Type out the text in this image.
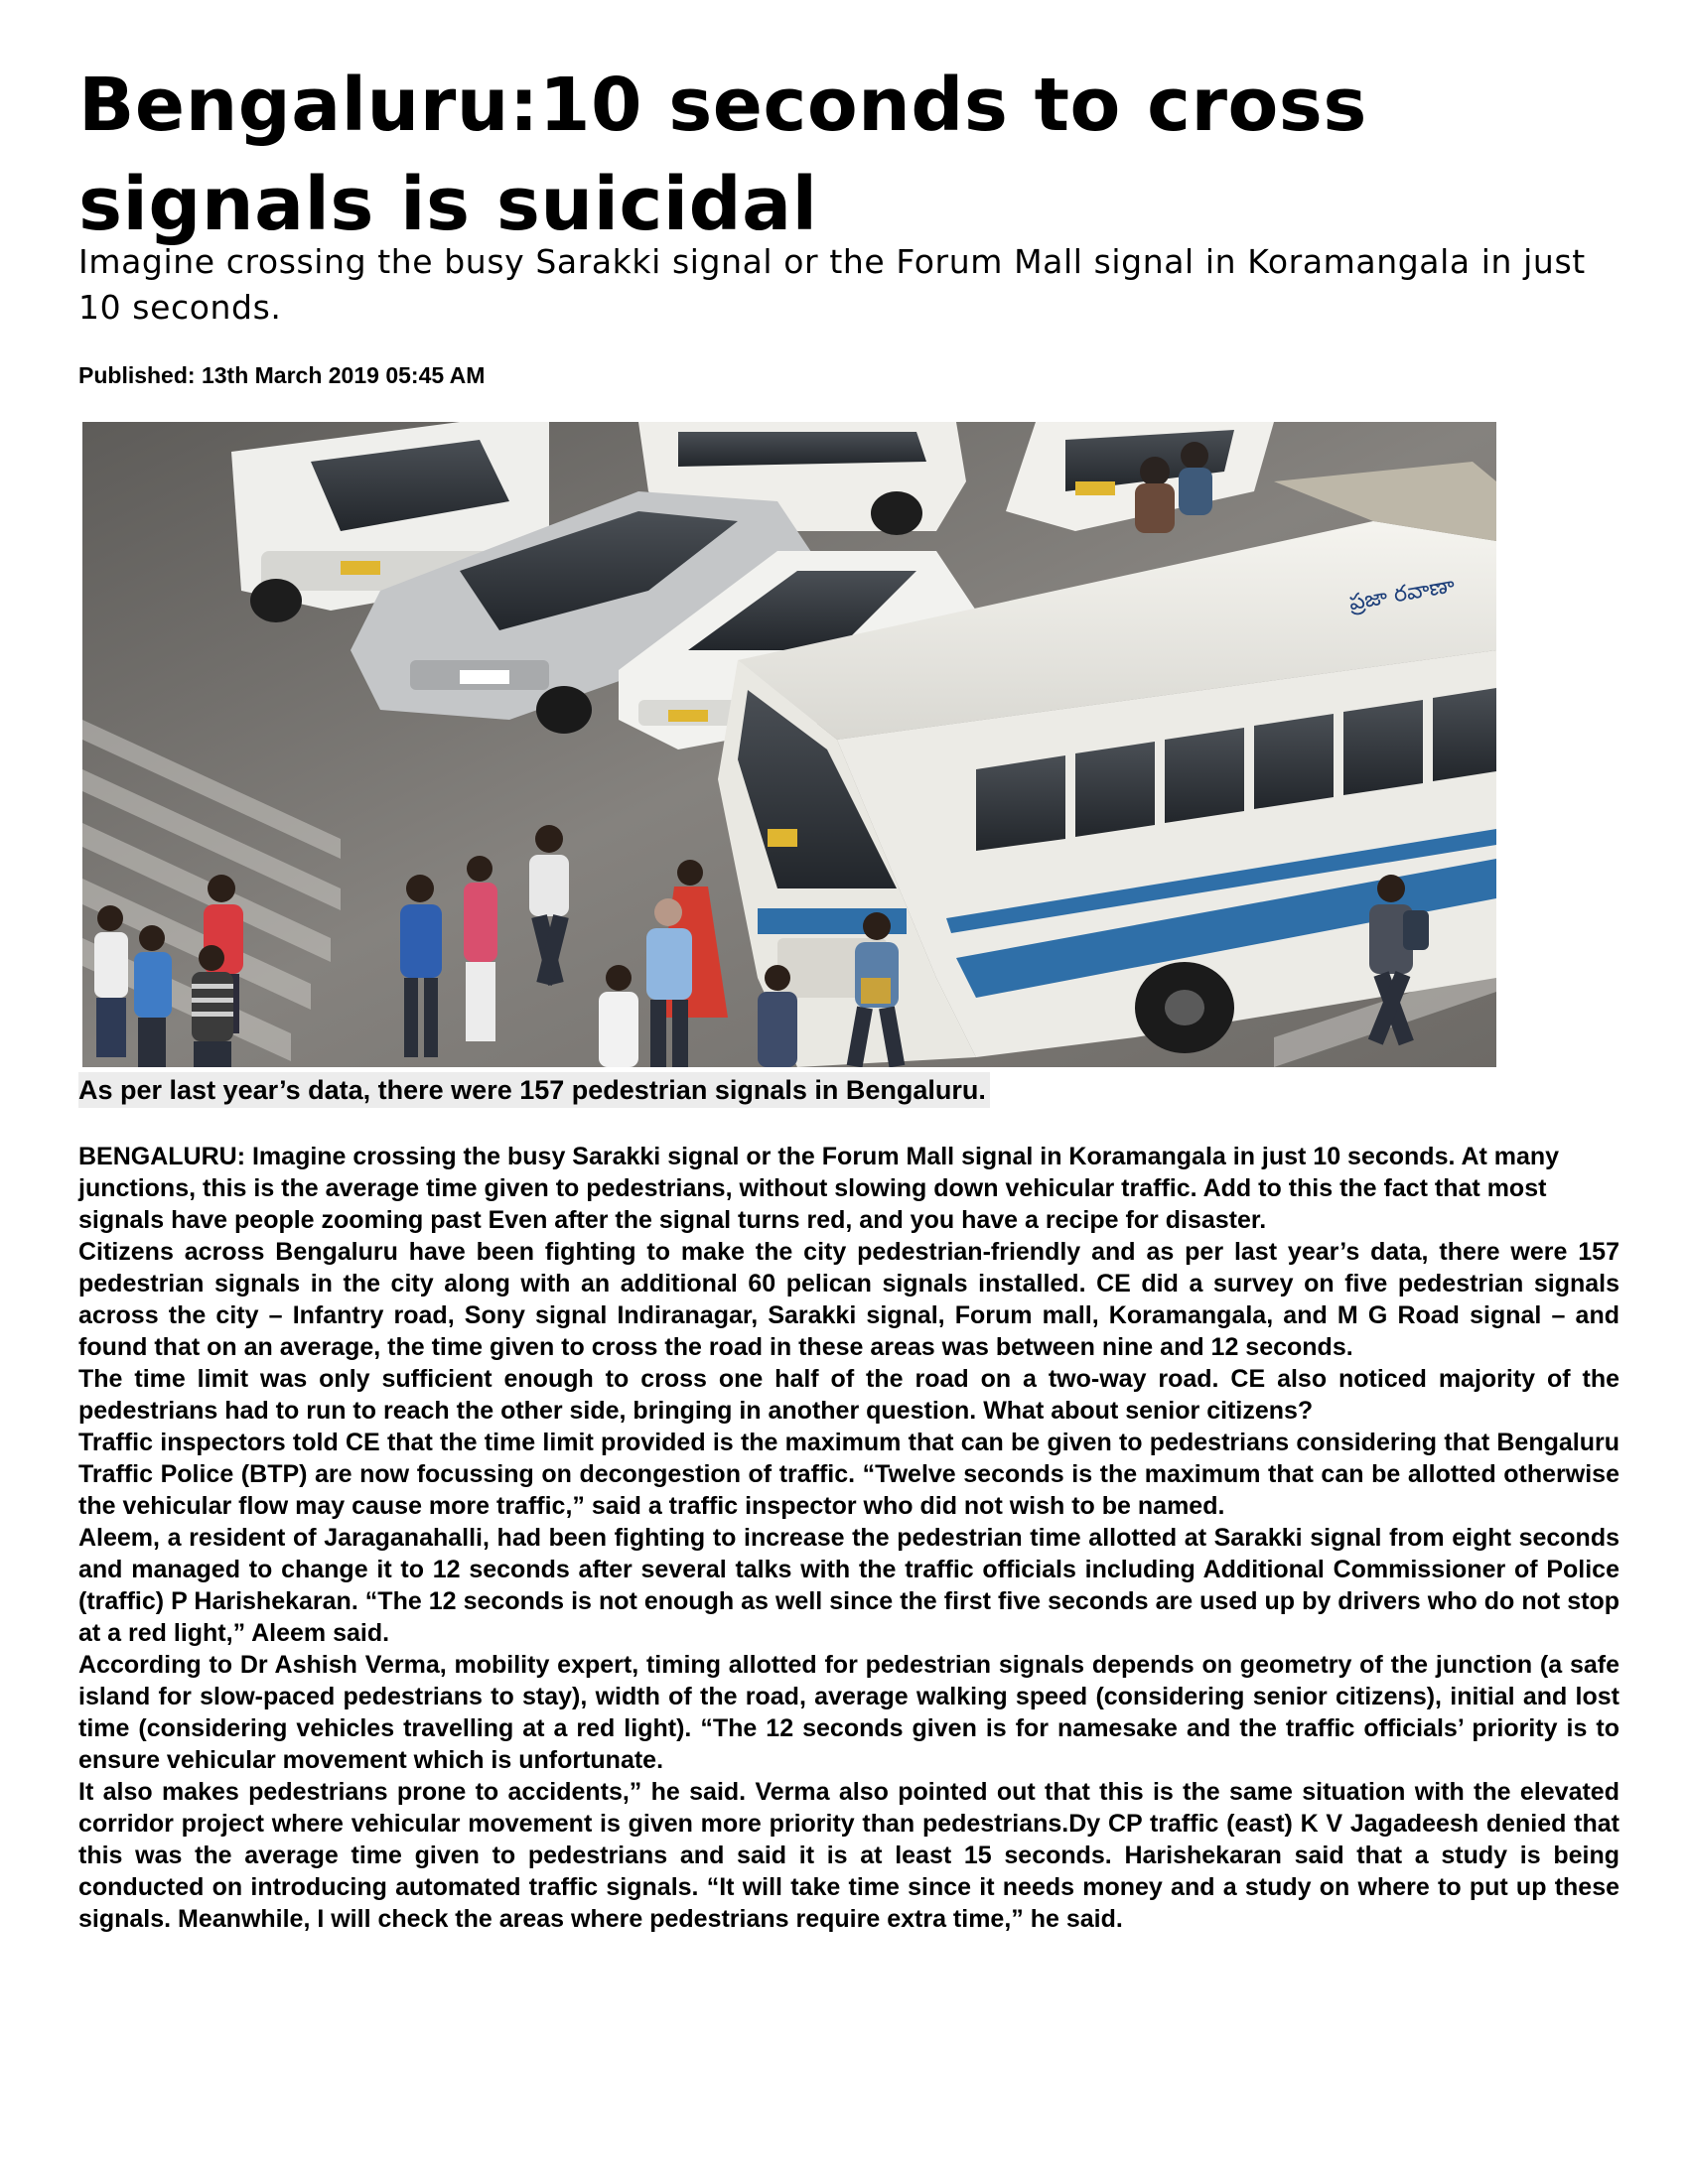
Bengaluru:10 seconds to cross signals is suicidal

Imagine crossing the busy Sarakki signal or the Forum Mall signal in Koramangala in just 10 seconds.

Published: 13th March 2019 05:45 AM

ప్రజా రవాణా

As per last year’s data, there were 157 pedestrian signals in Bengaluru.

BENGALURU: Imagine crossing the busy Sarakki signal or the Forum Mall signal in Koramangala in just 10 seconds. At many junctions, this is the average time given to pedestrians, without slowing down vehicular traffic. Add to this the fact that most signals have people zooming past Even after the signal turns red, and you have a recipe for disaster.

Citizens across Bengaluru have been fighting to make the city pedestrian-friendly and as per last year’s data, there were 157 pedestrian signals in the city along with an additional 60 pelican signals installed. CE did a survey on five pedestrian signals across the city – Infantry road, Sony signal Indiranagar, Sarakki signal, Forum mall, Koramangala, and M G Road signal – and found that on an average, the time given to cross the road in these areas was between nine and 12 seconds.

The time limit was only sufficient enough to cross one half of the road on a two-way road. CE also noticed majority of the pedestrians had to run to reach the other side, bringing in another question. What about senior citizens?

Traffic inspectors told CE that the time limit provided is the maximum that can be given to pedestrians considering that Bengaluru Traffic Police (BTP) are now focussing on decongestion of traffic. “Twelve seconds is the maximum that can be allotted otherwise the vehicular flow may cause more traffic,” said a traffic inspector who did not wish to be named.

Aleem, a resident of Jaraganahalli, had been fighting to increase the pedestrian time allotted at Sarakki signal from eight seconds and managed to change it to 12 seconds after several talks with the traffic officials including Additional Commissioner of Police (traffic) P Harishekaran. “The 12 seconds is not enough as well since the first five seconds are used up by drivers who do not stop at a red light,” Aleem said.

According to Dr Ashish Verma, mobility expert, timing allotted for pedestrian signals depends on geometry of the junction (a safe island for slow-paced pedestrians to stay), width of the road, average walking speed (considering senior citizens), initial and lost time (considering vehicles travelling at a red light). “The 12 seconds given is for namesake and the traffic officials’ priority is to ensure vehicular movement which is unfortunate.

It also makes pedestrians prone to accidents,” he said. Verma also pointed out that this is the same situation with the elevated corridor project where vehicular movement is given more priority than pedestrians.Dy CP traffic (east) K V Jagadeesh denied that this was the average time given to pedestrians and said it is at least 15 seconds. Harishekaran said that a study is being conducted on introducing automated traffic signals. “It will take time since it needs money and a study on where to put up these signals. Meanwhile, I will check the areas where pedestrians require extra time,” he said.
